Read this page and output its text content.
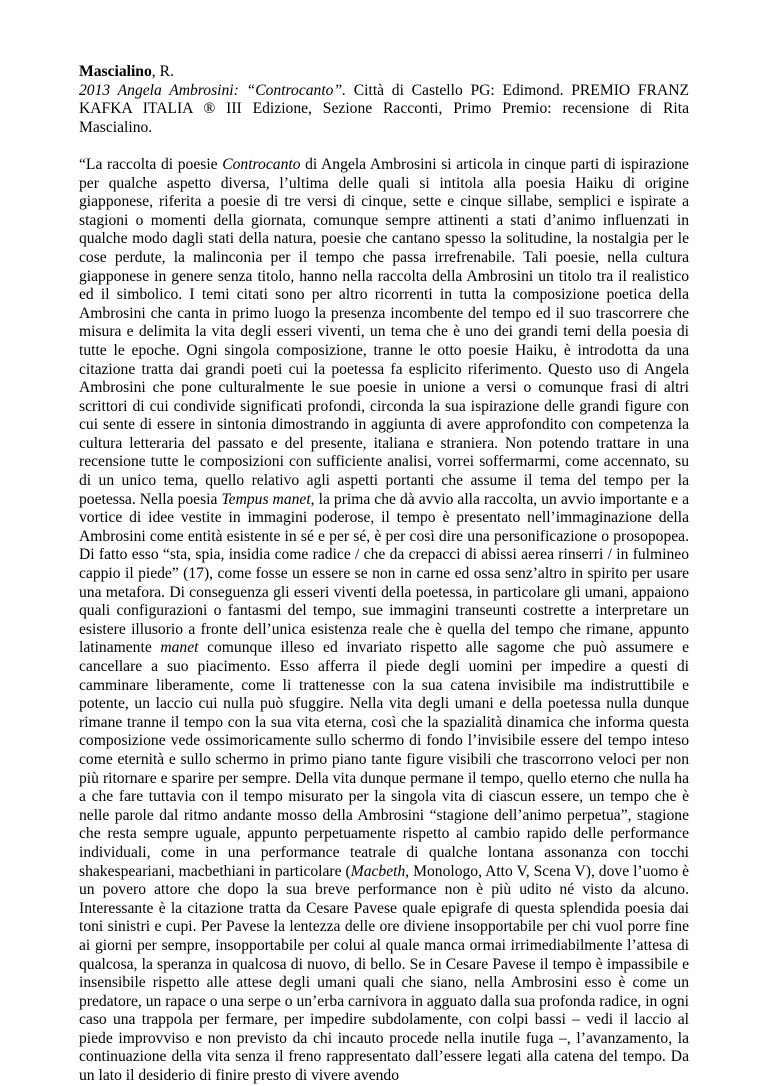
Mascialino, R.
2013 Angela Ambrosini: “Controcanto”. Città di Castello PG: Edimond. PREMIO FRANZ KAFKA ITALIA ® III Edizione, Sezione Racconti, Primo Premio: recensione di Rita Mascialino.

“La raccolta di poesie Controcanto di Angela Ambrosini si articola in cinque parti di ispirazione per qualche aspetto diversa, l’ultima delle quali si intitola alla poesia Haiku di origine giapponese, riferita a poesie di tre versi di cinque, sette e cinque sillabe, semplici e ispirate a stagioni o momenti della giornata, comunque sempre attinenti a stati d’animo influenzati in qualche modo dagli stati della natura, poesie che cantano spesso la solitudine, la nostalgia per le cose perdute, la malinconia per il tempo che passa irrefrenabile. Tali poesie, nella cultura giapponese in genere senza titolo, hanno nella raccolta della Ambrosini un titolo tra il realistico ed il simbolico. I temi citati sono per altro ricorrenti in tutta la composizione poetica della Ambrosini che canta in primo luogo la presenza incombente del tempo ed il suo trascorrere che misura e delimita la vita degli esseri viventi, un tema che è uno dei grandi temi della poesia di tutte le epoche. Ogni singola composizione, tranne le otto poesie Haiku, è introdotta da una citazione tratta dai grandi poeti cui la poetessa fa esplicito riferimento. Questo uso di Angela Ambrosini che pone culturalmente le sue poesie in unione a versi o comunque frasi di altri scrittori di cui condivide significati profondi, circonda la sua ispirazione delle grandi figure con cui sente di essere in sintonia dimostrando in aggiunta di avere approfondito con competenza la cultura letteraria del passato e del presente, italiana e straniera. Non potendo trattare in una recensione tutte le composizioni con sufficiente analisi, vorrei soffermarmi, come accennato, su di un unico tema, quello relativo agli aspetti portanti che assume il tema del tempo per la poetessa. Nella poesia Tempus manet, la prima che dà avvio alla raccolta, un avvio importante e a vortice di idee vestite in immagini poderose, il tempo è presentato nell’immaginazione della Ambrosini come entità esistente in sé e per sé, è per così dire una personificazione o prosopopea. Di fatto esso “sta, spia, insidia come radice / che da crepacci di abissi aerea rinserri / in fulmineo cappio il piede” (17), come fosse un essere se non in carne ed ossa senz’altro in spirito per usare una metafora. Di conseguenza gli esseri viventi della poetessa, in particolare gli umani, appaiono quali configurazioni o fantasmi del tempo, sue immagini transeunti costrette a interpretare un esistere illusorio a fronte dell’unica esistenza reale che è quella del tempo che rimane, appunto latinamente manet comunque illeso ed invariato rispetto alle sagome che può assumere e cancellare a suo piacimento. Esso afferra il piede degli uomini per impedire a questi di camminare liberamente, come li trattenesse con la sua catena invisibile ma indistruttibile e potente, un laccio cui nulla può sfuggire. Nella vita degli umani e della poetessa nulla dunque rimane tranne il tempo con la sua vita eterna, così che la spazialità dinamica che informa questa composizione vede ossimoricamente sullo schermo di fondo l’invisibile essere del tempo inteso come eternità e sullo schermo in primo piano tante figure visibili che trascorrono veloci per non più ritornare e sparire per sempre. Della vita dunque permane il tempo, quello eterno che nulla ha a che fare tuttavia con il tempo misurato per la singola vita di ciascun essere, un tempo che è nelle parole dal ritmo andante mosso della Ambrosini “stagione dell’animo perpetua”, stagione che resta sempre uguale, appunto perpetuamente rispetto al cambio rapido delle performance individuali, come in una performance teatrale di qualche lontana assonanza con tocchi shakespeariani, macbethiani in particolare (Macbeth, Monologo, Atto V, Scena V), dove l’uomo è un povero attore che dopo la sua breve performance non è più udito né visto da alcuno. Interessante è la citazione tratta da Cesare Pavese quale epigrafe di questa splendida poesia dai toni sinistri e cupi. Per Pavese la lentezza delle ore diviene insopportabile per chi vuol porre fine ai giorni per sempre, insopportabile per colui al quale manca ormai irrimediabilmente l’attesa di qualcosa, la speranza in qualcosa di nuovo, di bello. Se in Cesare Pavese il tempo è impassibile e insensibile rispetto alle attese degli umani quali che siano, nella Ambrosini esso è come un predatore, un rapace o una serpe o un’erba carnivora in agguato dalla sua profonda radice, in ogni caso una trappola per fermare, per impedire subdolamente, con colpi bassi – vedi il laccio al piede improvviso e non previsto da chi incauto procede nella inutile fuga –, l’avanzamento, la continuazione della vita senza il freno rappresentato dall’essere legati alla catena del tempo. Da un lato il desiderio di finire presto di vivere avendo
